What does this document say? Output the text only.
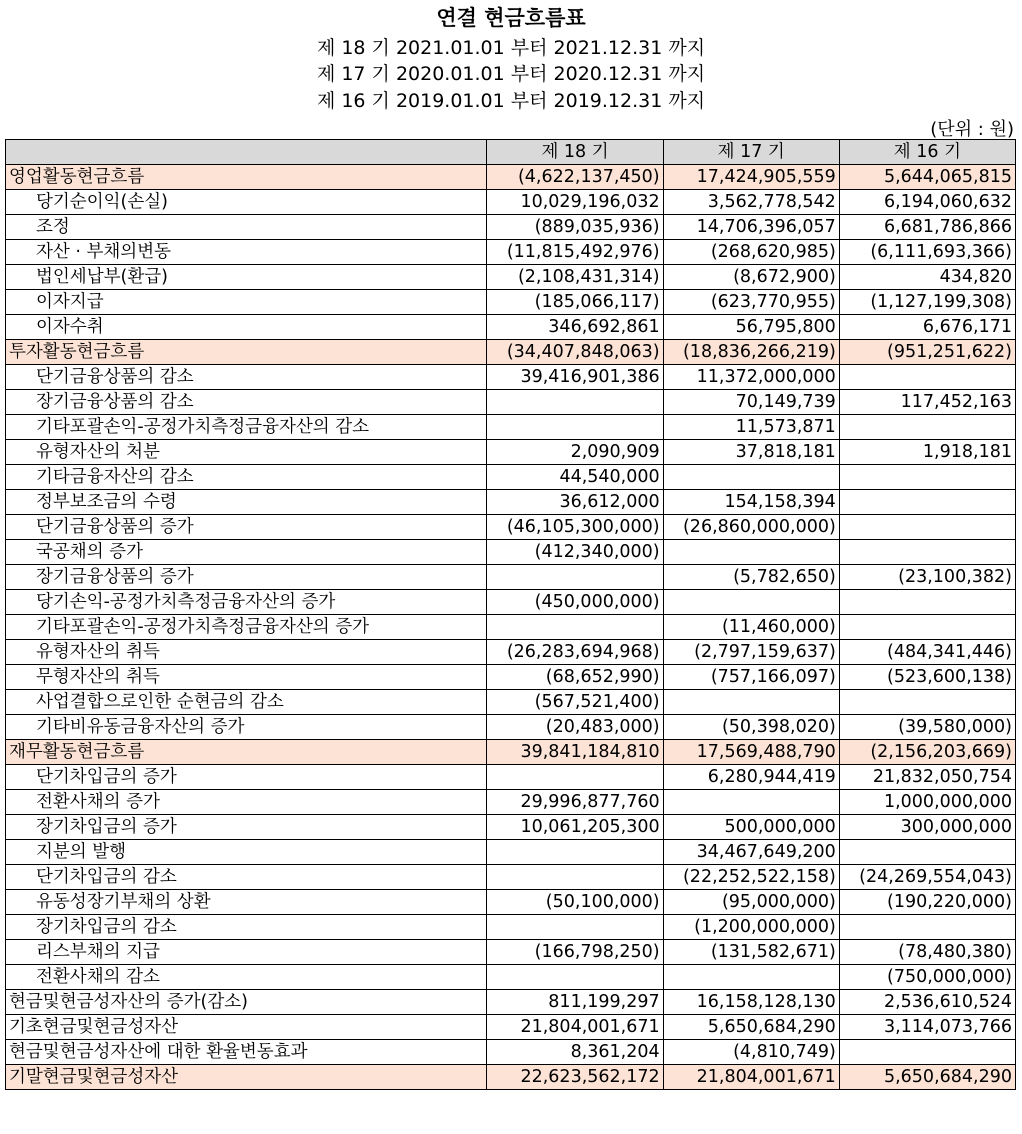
연결 현금흐름표
제 18 기 2021.01.01 부터 2021.12.31 까지
제 17 기 2020.01.01 부터 2020.12.31 까지
제 16 기 2019.01.01 부터 2019.12.31 까지
(단위 : 원)
	제 18 기	제 17 기	제 16 기
영업활동현금흐름	(4,622,137,450)	17,424,905,559	5,644,065,815
당기순이익(손실)	10,029,196,032	3,562,778,542	6,194,060,632
조정	(889,035,936)	14,706,396,057	6,681,786,866
자산 · 부채의변동	(11,815,492,976)	(268,620,985)	(6,111,693,366)
법인세납부(환급)	(2,108,431,314)	(8,672,900)	434,820
이자지급	(185,066,117)	(623,770,955)	(1,127,199,308)
이자수취	346,692,861	56,795,800	6,676,171
투자활동현금흐름	(34,407,848,063)	(18,836,266,219)	(951,251,622)
단기금융상품의 감소	39,416,901,386	11,372,000,000	
장기금융상품의 감소		70,149,739	117,452,163
기타포괄손익-공정가치측정금융자산의 감소		11,573,871	
유형자산의 처분	2,090,909	37,818,181	1,918,181
기타금융자산의 감소	44,540,000		
정부보조금의 수령	36,612,000	154,158,394	
단기금융상품의 증가	(46,105,300,000)	(26,860,000,000)	
국공채의 증가	(412,340,000)		
장기금융상품의 증가		(5,782,650)	(23,100,382)
당기손익-공정가치측정금융자산의 증가	(450,000,000)		
기타포괄손익-공정가치측정금융자산의 증가		(11,460,000)	
유형자산의 취득	(26,283,694,968)	(2,797,159,637)	(484,341,446)
무형자산의 취득	(68,652,990)	(757,166,097)	(523,600,138)
사업결합으로인한 순현금의 감소	(567,521,400)		
기타비유동금융자산의 증가	(20,483,000)	(50,398,020)	(39,580,000)
재무활동현금흐름	39,841,184,810	17,569,488,790	(2,156,203,669)
단기차입금의 증가		6,280,944,419	21,832,050,754
전환사채의 증가	29,996,877,760		1,000,000,000
장기차입금의 증가	10,061,205,300	500,000,000	300,000,000
지분의 발행		34,467,649,200	
단기차입금의 감소		(22,252,522,158)	(24,269,554,043)
유동성장기부채의 상환	(50,100,000)	(95,000,000)	(190,220,000)
장기차입금의 감소		(1,200,000,000)	
리스부채의 지급	(166,798,250)	(131,582,671)	(78,480,380)
전환사채의 감소			(750,000,000)
현금및현금성자산의 증가(감소)	811,199,297	16,158,128,130	2,536,610,524
기초현금및현금성자산	21,804,001,671	5,650,684,290	3,114,073,766
현금및현금성자산에 대한 환율변동효과	8,361,204	(4,810,749)	
기말현금및현금성자산	22,623,562,172	21,804,001,671	5,650,684,290
